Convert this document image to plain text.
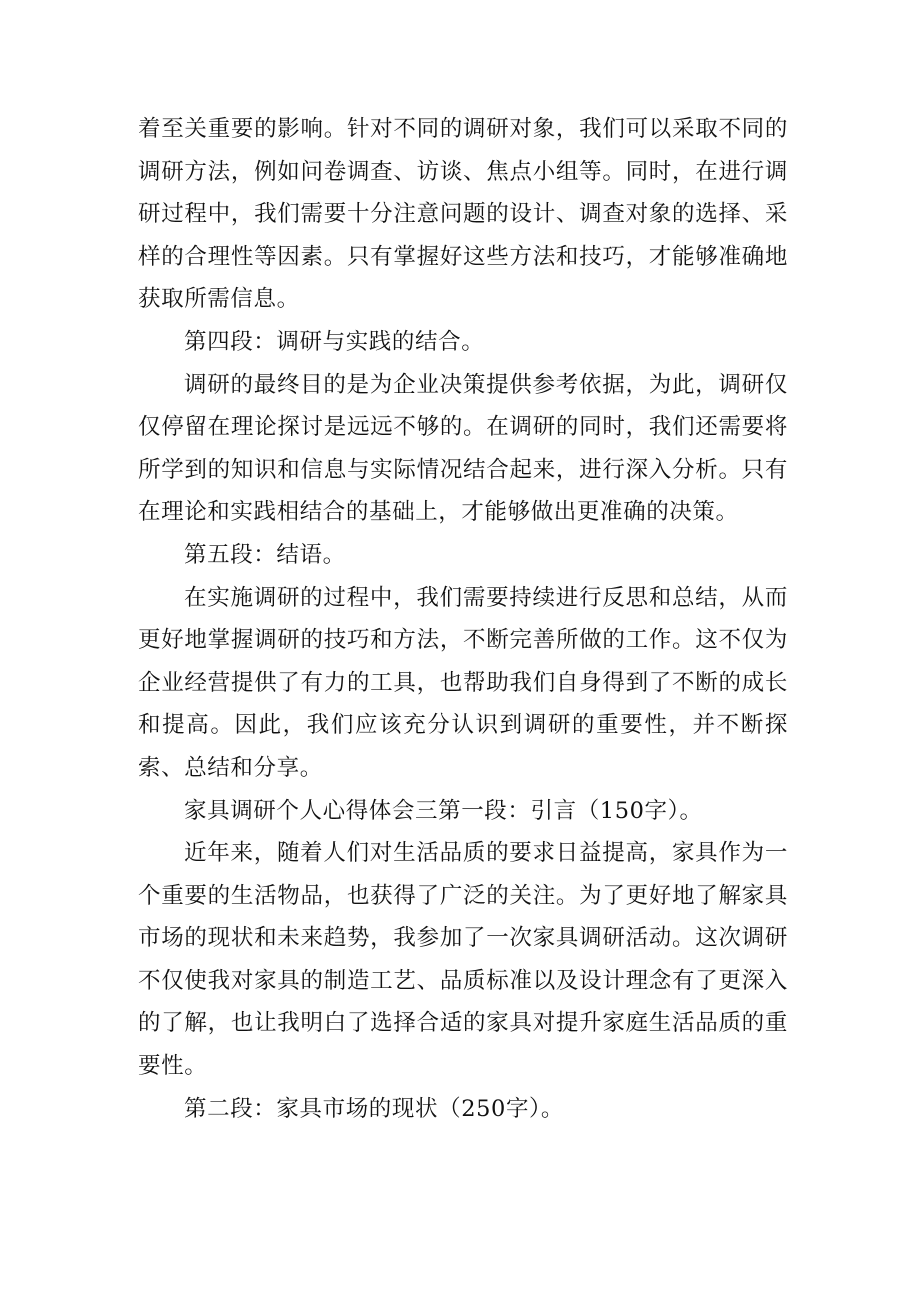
着至关重要的影响。针对不同的调研对象，我们可以采取不同的调研方法，例如问卷调查、访谈、焦点小组等。同时，在进行调研过程中，我们需要十分注意问题的设计、调查对象的选择、采样的合理性等因素。只有掌握好这些方法和技巧，才能够准确地获取所需信息。

第四段：调研与实践的结合。

调研的最终目的是为企业决策提供参考依据，为此，调研仅仅停留在理论探讨是远远不够的。在调研的同时，我们还需要将所学到的知识和信息与实际情况结合起来，进行深入分析。只有在理论和实践相结合的基础上，才能够做出更准确的决策。

第五段：结语。

在实施调研的过程中，我们需要持续进行反思和总结，从而更好地掌握调研的技巧和方法，不断完善所做的工作。这不仅为企业经营提供了有力的工具，也帮助我们自身得到了不断的成长和提高。因此，我们应该充分认识到调研的重要性，并不断探索、总结和分享。

家具调研个人心得体会三第一段：引言（150字）。

近年来，随着人们对生活品质的要求日益提高，家具作为一个重要的生活物品，也获得了广泛的关注。为了更好地了解家具市场的现状和未来趋势，我参加了一次家具调研活动。这次调研不仅使我对家具的制造工艺、品质标准以及设计理念有了更深入的了解，也让我明白了选择合适的家具对提升家庭生活品质的重要性。

第二段：家具市场的现状（250字）。
